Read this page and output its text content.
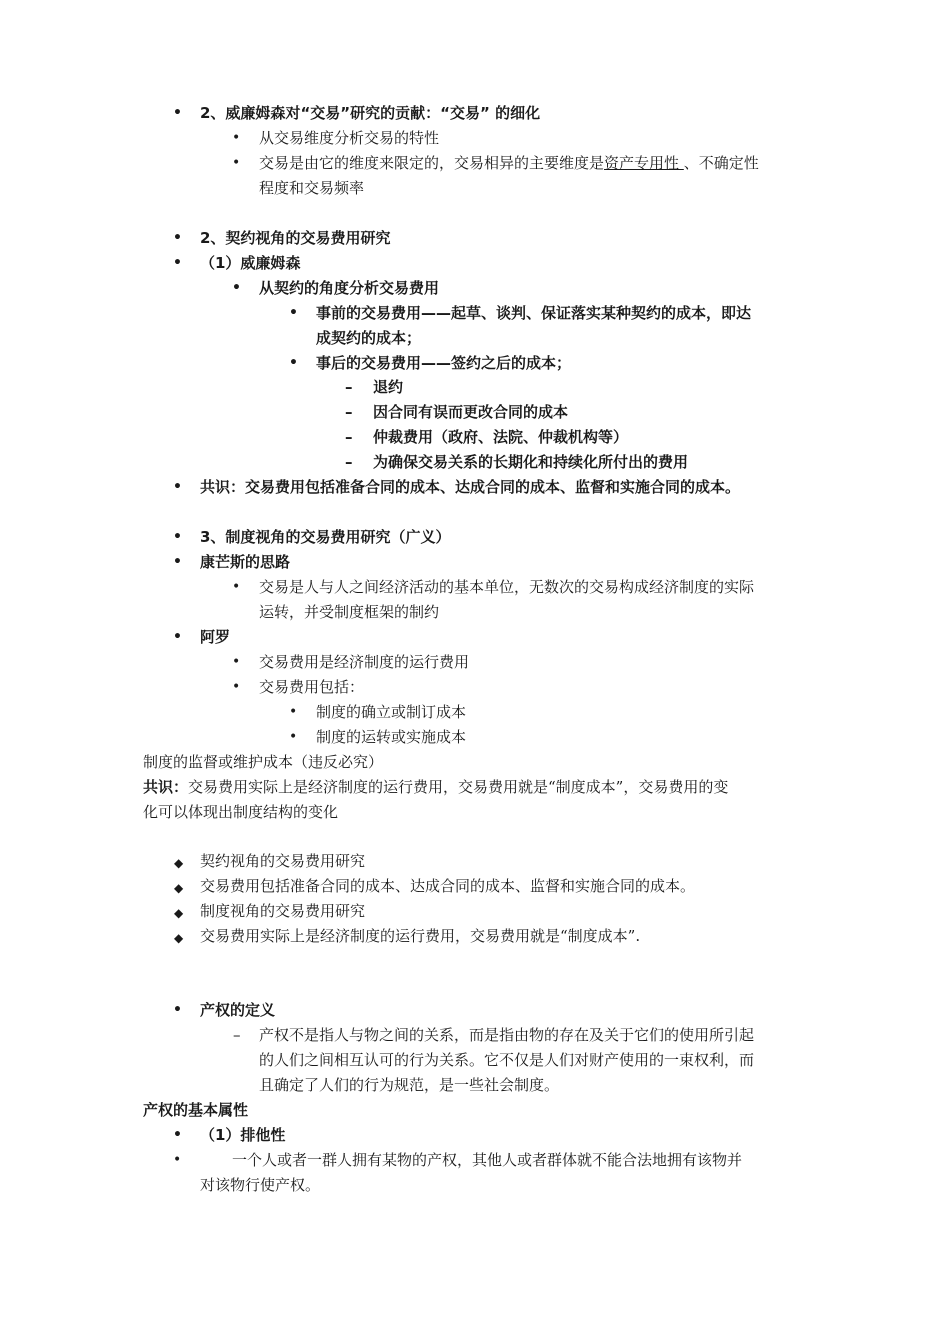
• 2、威廉姆森对“交易”研究的贡献：“交易” 的细化
• 从交易维度分析交易的特性
• 交易是由它的维度来限定的，交易相异的主要维度是资产专用性 、不确定性
程度和交易频率
• 2、契约视角的交易费用研究
• （1）威廉姆森
• 从契约的角度分析交易费用
• 事前的交易费用——起草、谈判、保证落实某种契约的成本，即达
成契约的成本；
• 事后的交易费用——签约之后的成本；
– 退约
– 因合同有误而更改合同的成本
– 仲裁费用（政府、法院、仲裁机构等）
– 为确保交易关系的长期化和持续化所付出的费用
• 共识：交易费用包括准备合同的成本、达成合同的成本、监督和实施合同的成本。
• 3、制度视角的交易费用研究（广义）
• 康芒斯的思路
• 交易是人与人之间经济活动的基本单位，无数次的交易构成经济制度的实际
运转，并受制度框架的制约
• 阿罗
• 交易费用是经济制度的运行费用
• 交易费用包括：
• 制度的确立或制订成本
• 制度的运转或实施成本
制度的监督或维护成本（违反必究）
共识：交易费用实际上是经济制度的运行费用，交易费用就是“制度成本”，交易费用的变
化可以体现出制度结构的变化
◆ 契约视角的交易费用研究
◆ 交易费用包括准备合同的成本、达成合同的成本、监督和实施合同的成本。
◆ 制度视角的交易费用研究
◆ 交易费用实际上是经济制度的运行费用，交易费用就是“制度成本”.
• 产权的定义
– 产权不是指人与物之间的关系，而是指由物的存在及关于它们的使用所引起
的人们之间相互认可的行为关系。它不仅是人们对财产使用的一束权利，而
且确定了人们的行为规范，是一些社会制度。
产权的基本属性
• （1）排他性
•	一个人或者一群人拥有某物的产权，其他人或者群体就不能合法地拥有该物并
对该物行使产权。
